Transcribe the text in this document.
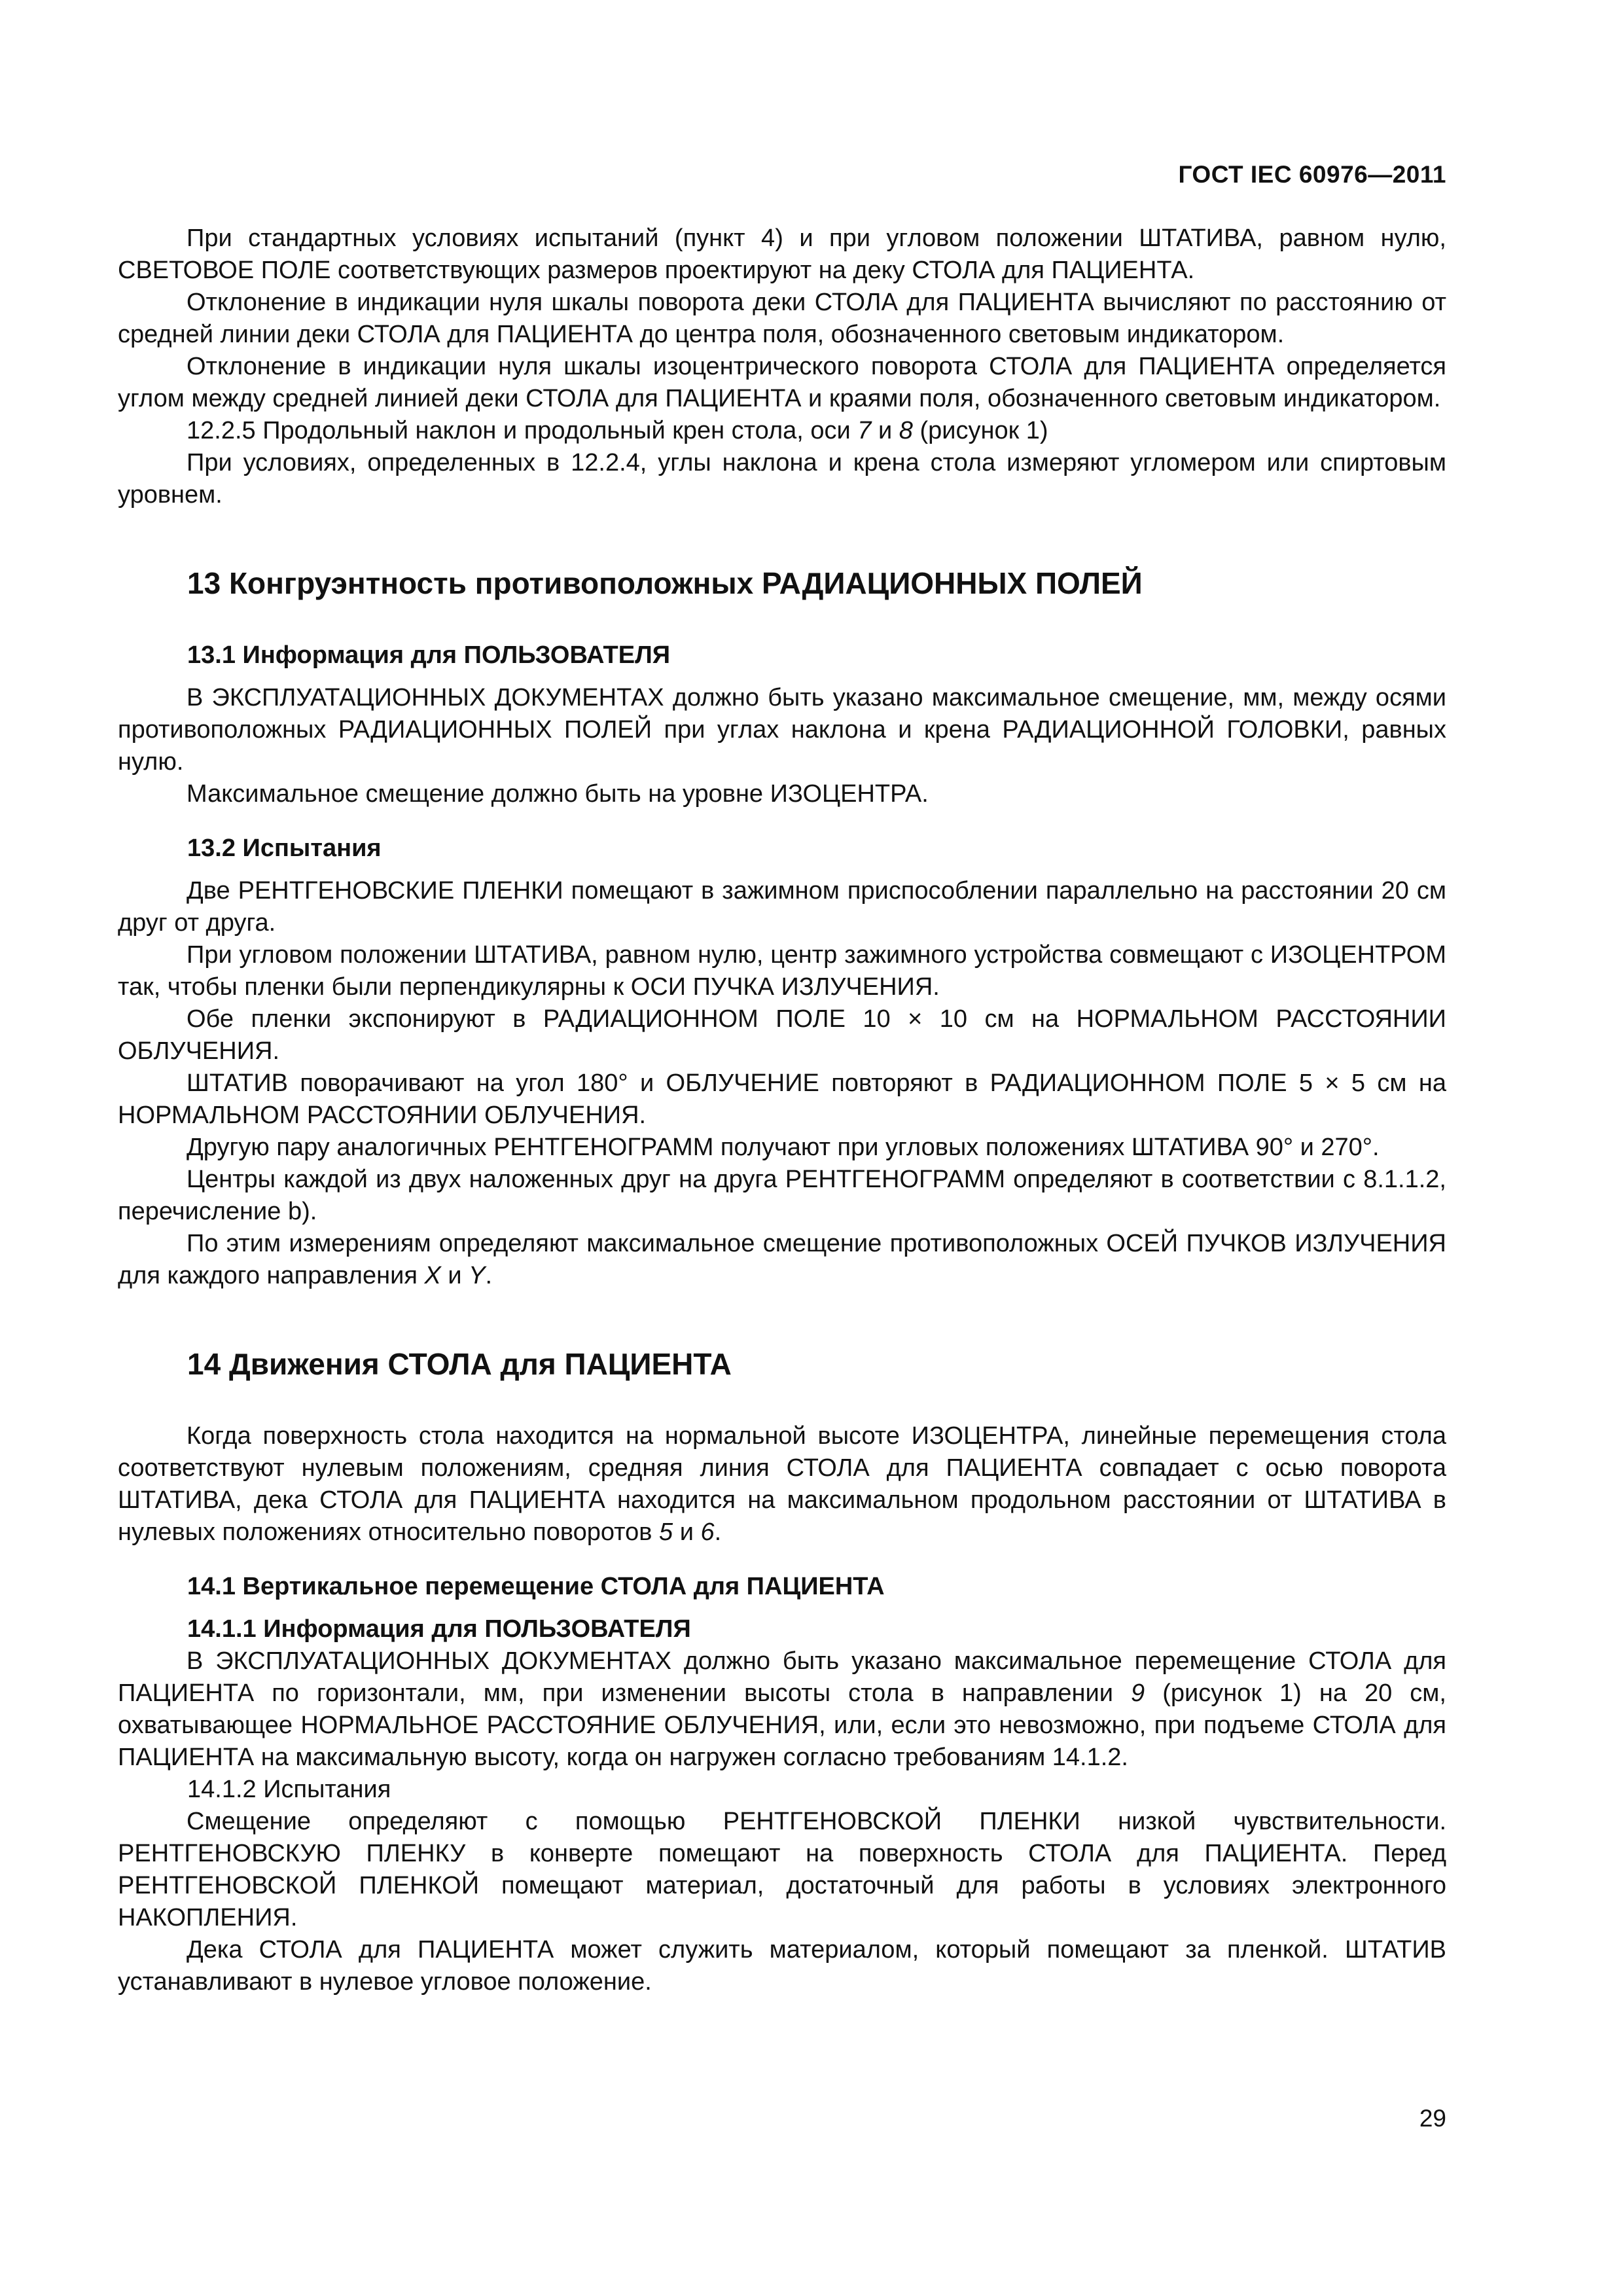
ГОСТ IEC 60976—2011

При стандартных условиях испытаний (пункт 4) и при угловом положении ШТАТИВА, равном нулю, СВЕТОВОЕ ПОЛЕ соответствующих размеров проектируют на деку СТОЛА для ПАЦИЕНТА.

Отклонение в индикации нуля шкалы поворота деки СТОЛА для ПАЦИЕНТА вычисляют по расстоянию от средней линии деки СТОЛА для ПАЦИЕНТА до центра поля, обозначенного световым индикатором.

Отклонение в индикации нуля шкалы изоцентрического поворота СТОЛА для ПАЦИЕНТА определяется углом между средней линией деки СТОЛА для ПАЦИЕНТА и краями поля, обозначенного световым индикатором.

12.2.5 Продольный наклон и продольный крен стола, оси 7 и 8 (рисунок 1)

При условиях, определенных в 12.2.4, углы наклона и крена стола измеряют угломером или спиртовым уровнем.

13 Конгруэнтность противоположных РАДИАЦИОННЫХ ПОЛЕЙ
13.1 Информация для ПОЛЬЗОВАТЕЛЯ

В ЭКСПЛУАТАЦИОННЫХ ДОКУМЕНТАХ должно быть указано максимальное смещение, мм, между осями противоположных РАДИАЦИОННЫХ ПОЛЕЙ при углах наклона и крена РАДИАЦИОННОЙ ГОЛОВКИ, равных нулю.

Максимальное смещение должно быть на уровне ИЗОЦЕНТРА.

13.2 Испытания

Две РЕНТГЕНОВСКИЕ ПЛЕНКИ помещают в зажимном приспособлении параллельно на расстоянии 20 см друг от друга.

При угловом положении ШТАТИВА, равном нулю, центр зажимного устройства совмещают с ИЗОЦЕНТРОМ так, чтобы пленки были перпендикулярны к ОСИ ПУЧКА ИЗЛУЧЕНИЯ.

Обе пленки экспонируют в РАДИАЦИОННОМ ПОЛЕ 10 × 10 см на НОРМАЛЬНОМ РАССТОЯНИИ ОБЛУЧЕНИЯ.

ШТАТИВ поворачивают на угол 180° и ОБЛУЧЕНИЕ повторяют в РАДИАЦИОННОМ ПОЛЕ 5 × 5 см на НОРМАЛЬНОМ РАССТОЯНИИ ОБЛУЧЕНИЯ.

Другую пару аналогичных РЕНТГЕНОГРАММ получают при угловых положениях ШТАТИВА 90° и 270°.

Центры каждой из двух наложенных друг на друга РЕНТГЕНОГРАММ определяют в соответствии с 8.1.1.2, перечисление b).

По этим измерениям определяют максимальное смещение противоположных ОСЕЙ ПУЧКОВ ИЗЛУЧЕНИЯ для каждого направления X и Y.

14 Движения СТОЛА для ПАЦИЕНТА

Когда поверхность стола находится на нормальной высоте ИЗОЦЕНТРА, линейные перемещения стола соответствуют нулевым положениям, средняя линия СТОЛА для ПАЦИЕНТА совпадает с осью поворота ШТАТИВА, дека СТОЛА для ПАЦИЕНТА находится на максимальном продольном расстоянии от ШТАТИВА в нулевых положениях относительно поворотов 5 и 6.

14.1 Вертикальное перемещение СТОЛА для ПАЦИЕНТА
14.1.1 Информация для ПОЛЬЗОВАТЕЛЯ

В ЭКСПЛУАТАЦИОННЫХ ДОКУМЕНТАХ должно быть указано максимальное перемещение СТОЛА для ПАЦИЕНТА по горизонтали, мм, при изменении высоты стола в направлении 9 (рисунок 1) на 20 см, охватывающее НОРМАЛЬНОЕ РАССТОЯНИЕ ОБЛУЧЕНИЯ, или, если это невозможно, при подъеме СТОЛА для ПАЦИЕНТА на максимальную высоту, когда он нагружен согласно требованиям 14.1.2.

14.1.2 Испытания

Смещение определяют с помощью РЕНТГЕНОВСКОЙ ПЛЕНКИ низкой чувствительности. РЕНТГЕНОВСКУЮ ПЛЕНКУ в конверте помещают на поверхность СТОЛА для ПАЦИЕНТА. Перед РЕНТГЕНОВСКОЙ ПЛЕНКОЙ помещают материал, достаточный для работы в условиях электронного НАКОПЛЕНИЯ.

Дека СТОЛА для ПАЦИЕНТА может служить материалом, который помещают за пленкой. ШТАТИВ устанавливают в нулевое угловое положение.

29
